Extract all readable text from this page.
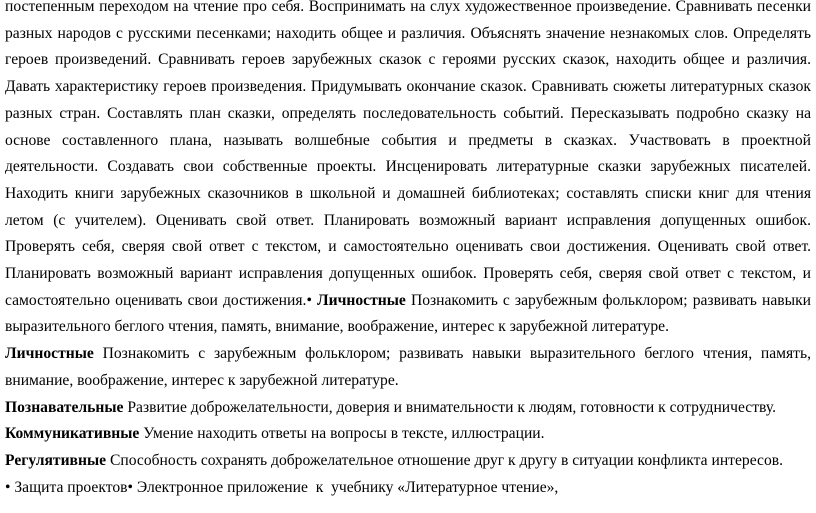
постепенным переходом на чтение про себя. Воспринимать на слух художественное произведение. Сравнивать песенки разных народов с русскими песенками; находить общее и различия. Объяснять значение незнакомых слов. Определять героев произведений. Сравнивать героев зарубежных сказок с героями русских сказок, находить общее и различия. Давать характеристику героев произведения. Придумывать окончание сказок. Сравнивать сюжеты литературных сказок разных стран. Составлять план сказки, определять последовательность событий. Пересказывать подробно сказку на основе составленного плана, называть волшебные события и предметы в сказках. Участвовать в проектной деятельности. Создавать свои собственные проекты. Инсценировать литературные сказки зарубежных писателей. Находить книги зарубежных сказочников в школьной и домашней библиотеках; составлять списки книг для чтения летом (с учителем). Оценивать свой ответ. Планировать возможный вариант исправления допущенных ошибок. Проверять себя, сверяя свой ответ с текстом, и самостоятельно оценивать свои достижения. Оценивать свой ответ. Планировать возможный вариант исправления допущенных ошибок. Проверять себя, сверяя свой ответ с текстом, и самостоятельно оценивать свои достижения.• Личностные Познакомить с зарубежным фольклором; развивать навыки выразительного беглого чтения, память, внимание, воображение, интерес к зарубежной литературе.

Личностные Познакомить с зарубежным фольклором; развивать навыки выразительного беглого чтения, память, внимание, воображение, интерес к зарубежной литературе.

Познавательные Развитие доброжелательности, доверия и внимательности к людям, готовности к сотрудничеству.

Коммуникативные Умение находить ответы на вопросы в тексте, иллюстрации.

Регулятивные Способность сохранять доброжелательное отношение друг к другу в ситуации конфликта интересов.

• Защита проектов• Электронное приложение  к  учебнику «Литературное чтение»,
